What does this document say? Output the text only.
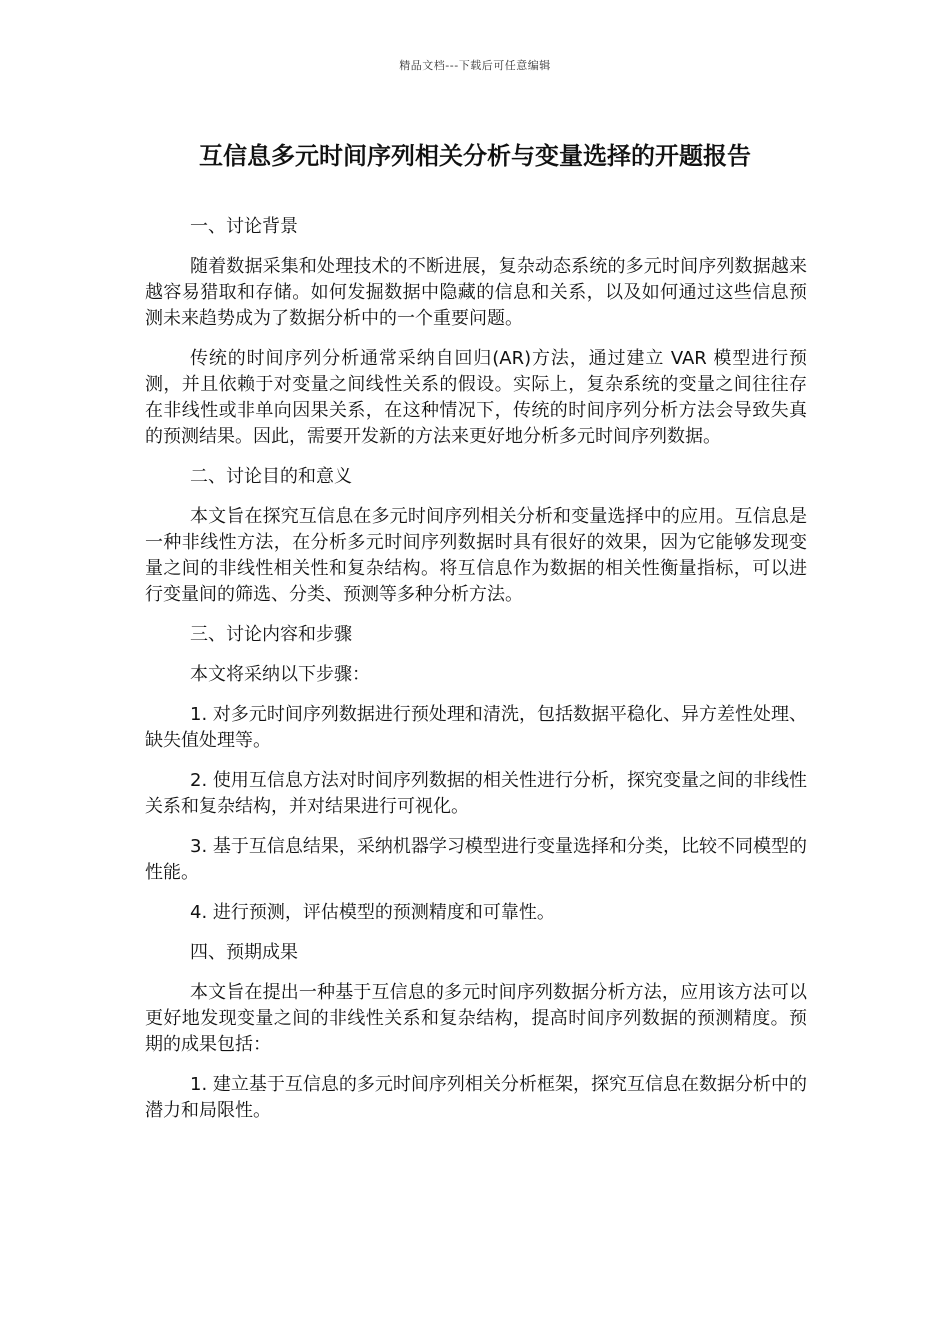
精品文档---下载后可任意编辑
互信息多元时间序列相关分析与变量选择的开题报告

一、讨论背景

随着数据采集和处理技术的不断进展，复杂动态系统的多元时间序列数据越来越容易猎取和存储。如何发掘数据中隐藏的信息和关系，以及如何通过这些信息预测未来趋势成为了数据分析中的一个重要问题。

传统的时间序列分析通常采纳自回归(AR)方法，通过建立 VAR 模型进行预测，并且依赖于对变量之间线性关系的假设。实际上，复杂系统的变量之间往往存在非线性或非单向因果关系，在这种情况下，传统的时间序列分析方法会导致失真的预测结果。因此，需要开发新的方法来更好地分析多元时间序列数据。

二、讨论目的和意义

本文旨在探究互信息在多元时间序列相关分析和变量选择中的应用。互信息是一种非线性方法，在分析多元时间序列数据时具有很好的效果，因为它能够发现变量之间的非线性相关性和复杂结构。将互信息作为数据的相关性衡量指标，可以进行变量间的筛选、分类、预测等多种分析方法。

三、讨论内容和步骤

本文将采纳以下步骤：

1. 对多元时间序列数据进行预处理和清洗，包括数据平稳化、异方差性处理、缺失值处理等。

2. 使用互信息方法对时间序列数据的相关性进行分析，探究变量之间的非线性关系和复杂结构，并对结果进行可视化。

3. 基于互信息结果，采纳机器学习模型进行变量选择和分类，比较不同模型的性能。

4. 进行预测，评估模型的预测精度和可靠性。

四、预期成果

本文旨在提出一种基于互信息的多元时间序列数据分析方法，应用该方法可以更好地发现变量之间的非线性关系和复杂结构，提高时间序列数据的预测精度。预期的成果包括：

1. 建立基于互信息的多元时间序列相关分析框架，探究互信息在数据分析中的潜力和局限性。
